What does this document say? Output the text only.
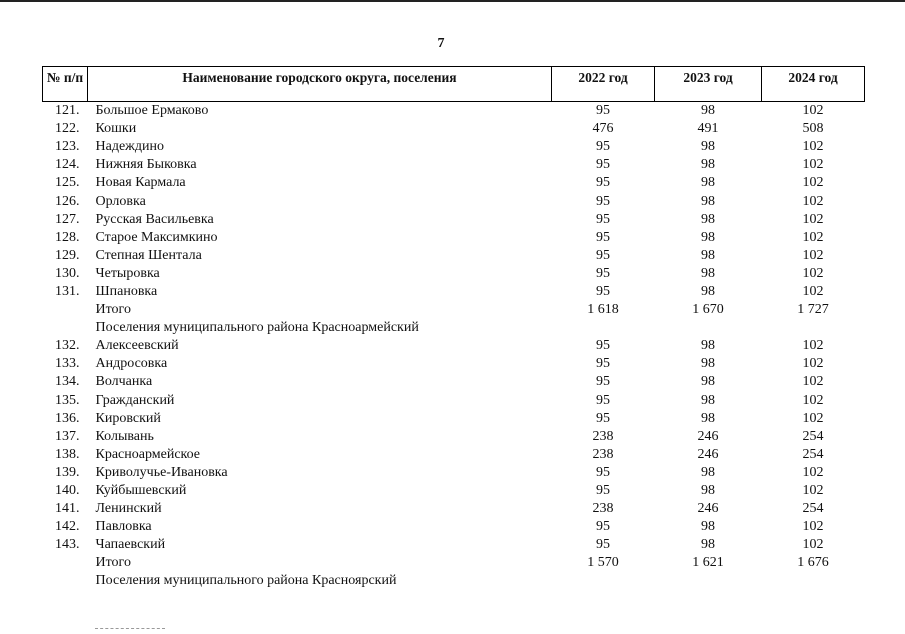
7
№ п/п	Наименование городского округа, поселения	2022 год	2023 год	2024 год

121.	Большое Ермаково	95	98	102
122.	Кошки	476	491	508
123.	Надеждино	95	98	102
124.	Нижняя Быковка	95	98	102
125.	Новая Кармала	95	98	102
126.	Орловка	95	98	102
127.	Русская Васильевка	95	98	102
128.	Старое Максимкино	95	98	102
129.	Степная Шентала	95	98	102
130.	Четыровка	95	98	102
131.	Шпановка	95	98	102
	Итого	1 618	1 670	1 727
	Поселения муниципального района Красноармейский			
132.	Алексеевский	95	98	102
133.	Андросовка	95	98	102
134.	Волчанка	95	98	102
135.	Гражданский	95	98	102
136.	Кировский	95	98	102
137.	Колывань	238	246	254
138.	Красноармейское	238	246	254
139.	Криволучье-Ивановка	95	98	102
140.	Куйбышевский	95	98	102
141.	Ленинский	238	246	254
142.	Павловка	95	98	102
143.	Чапаевский	95	98	102
	Итого	1 570	1 621	1 676
	Поселения муниципального района Красноярский			
